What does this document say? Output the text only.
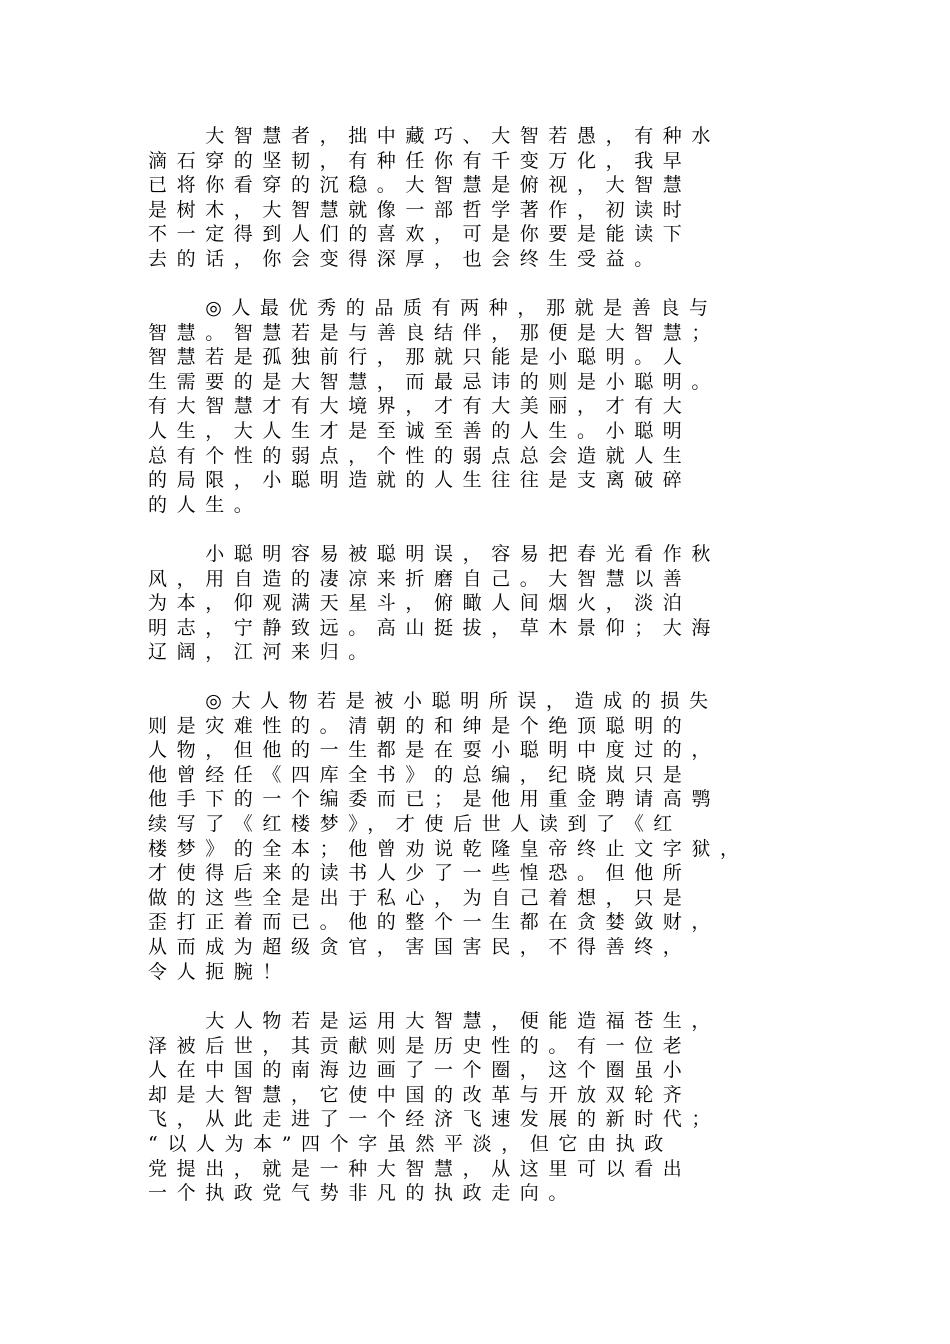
　　大智慧者，拙中藏巧、大智若愚，有种水
滴石穿的坚韧，有种任你有千变万化，我早
已将你看穿的沉稳。大智慧是俯视，大智慧
是树木，大智慧就像一部哲学著作，初读时
不一定得到人们的喜欢，可是你要是能读下
去的话，你会变得深厚，也会终生受益。
　　◎人最优秀的品质有两种，那就是善良与
智慧。智慧若是与善良结伴，那便是大智慧；
智慧若是孤独前行，那就只能是小聪明。人
生需要的是大智慧，而最忌讳的则是小聪明。
有大智慧才有大境界，才有大美丽，才有大
人生，大人生才是至诚至善的人生。小聪明
总有个性的弱点，个性的弱点总会造就人生
的局限，小聪明造就的人生往往是支离破碎
的人生。
　　小聪明容易被聪明误，容易把春光看作秋
风，用自造的凄凉来折磨自己。大智慧以善
为本，仰观满天星斗，俯瞰人间烟火，淡泊
明志，宁静致远。高山挺拔，草木景仰；大海
辽阔，江河来归。
　　◎大人物若是被小聪明所误，造成的损失
则是灾难性的。清朝的和绅是个绝顶聪明的
人物，但他的一生都是在耍小聪明中度过的，
他曾经任《四库全书》的总编，纪晓岚只是
他手下的一个编委而已；是他用重金聘请高鹗
续写了《红楼梦》，才使后世人读到了《红
楼梦》的全本；他曾劝说乾隆皇帝终止文字狱，
才使得后来的读书人少了一些惶恐。但他所
做的这些全是出于私心，为自己着想，只是
歪打正着而已。他的整个一生都在贪婪敛财，
从而成为超级贪官，害国害民，不得善终，
令人扼腕！
　　大人物若是运用大智慧，便能造福苍生，
泽被后世，其贡献则是历史性的。有一位老
人在中国的南海边画了一个圈，这个圈虽小
却是大智慧，它使中国的改革与开放双轮齐
飞，从此走进了一个经济飞速发展的新时代；
“以人为本”四个字虽然平淡，但它由执政
党提出，就是一种大智慧，从这里可以看出
一个执政党气势非凡的执政走向。
